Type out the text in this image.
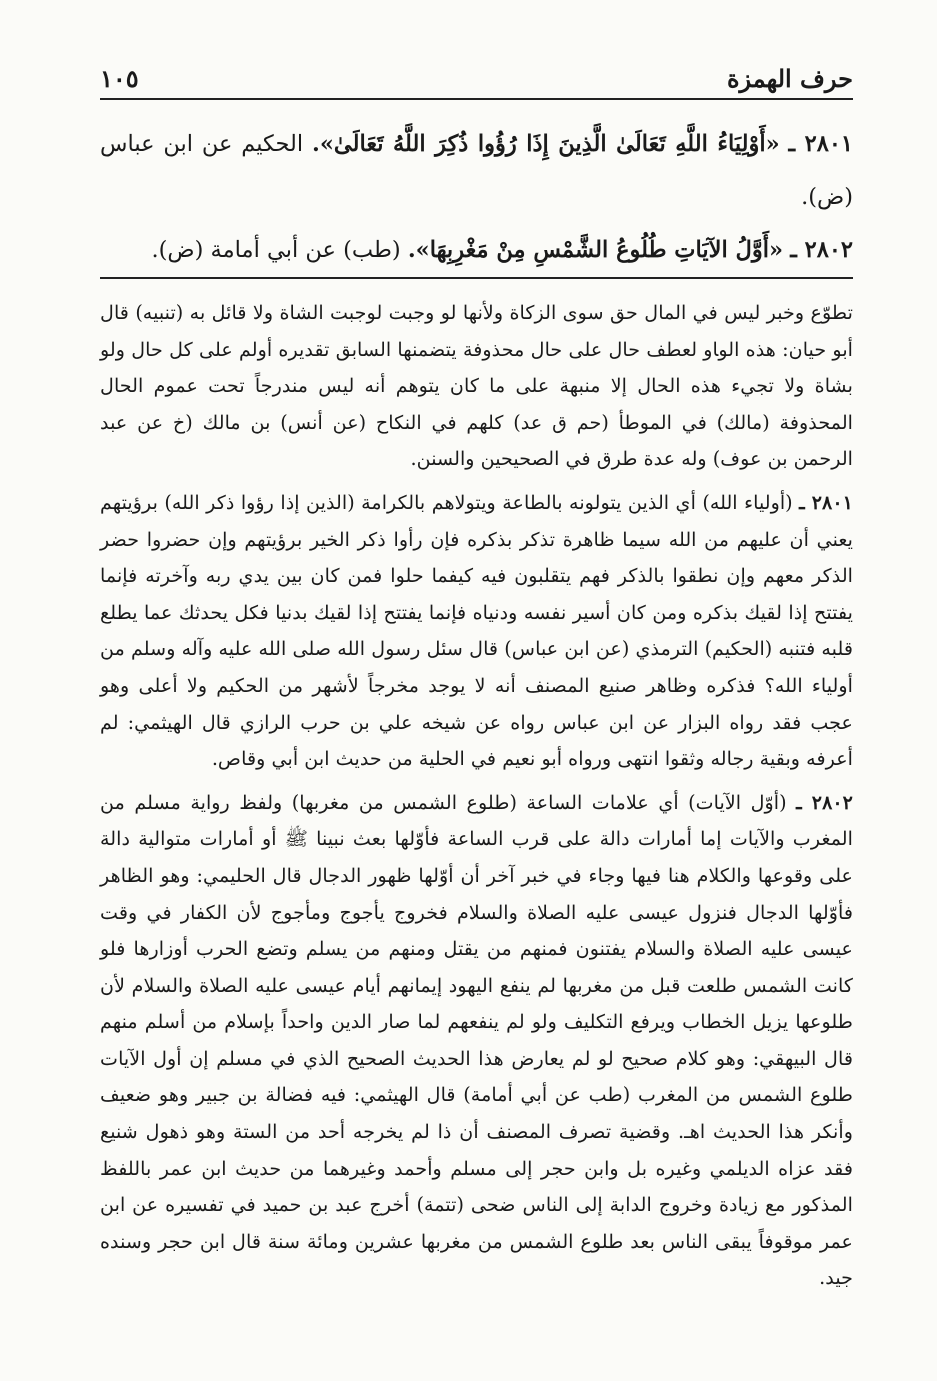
حرف الهمزة
١٠٥

٢٨٠١ ـ «أَوْلِيَاءُ اللَّهِ تَعَالَىٰ الَّذِينَ إِذَا رُؤُوا ذُكِرَ اللَّهُ تَعَالَىٰ». الحكيم عن ابن عباس (ض).

٢٨٠٢ ـ «أَوَّلُ الآيَاتِ طُلُوعُ الشَّمْسِ مِنْ مَغْرِبِهَا». (طب) عن أبي أمامة (ض).

تطوّع وخبر ليس في المال حق سوى الزكاة ولأنها لو وجبت لوجبت الشاة ولا قائل به (تنبيه) قال أبو حيان: هذه الو‍او لعطف حال على حال محذوفة يتضمنها السابق تقديره أولم على كل حال ولو بشاة ولا تجيء هذه الحال إلا منبهة على ما كان يتوهم أنه ليس مندرجاً تحت عموم الحال المحذوفة (مالك) في الموطأ (حم ق عد) كلهم في النكاح (عن أنس) بن مالك (خ عن عبد الرحمن بن عوف) وله عدة طرق في الصحيحين والسنن.

٢٨٠١ ـ (أولياء الله) أي الذين يتولونه بالطاعة ويتولاهم بالكرامة (الذين إذا رؤوا ذكر الله) برؤيتهم يعني أن عليهم من الله سيما ظاهرة تذكر بذكره فإن رأوا ذكر الخير برؤيتهم وإن حضروا حضر الذكر معهم وإن نطقوا بالذكر فهم يتقلبون فيه كيفما حلوا فمن كان بين يدي ربه وآخرته فإنما يفتتح إذا لقيك بذكره ومن كان أسير نفسه ودنياه فإنما يفتتح إذا لقيك بدنيا فكل يحدثك عما يطلع قلبه فتنبه (الحكيم) الترمذي (عن ابن عباس) قال سئل رسول الله صلى الله عليه وآله وسلم من أولياء الله؟ فذكره وظاهر صنيع المصنف أنه لا يوجد مخرجاً لأشهر من الحكيم ولا أعلى وهو عجب فقد رواه البزار عن ابن عباس رواه عن شيخه علي بن حرب الرازي قال الهيثمي: لم أعرفه وبقية رجاله وثقوا انتهى ورواه أبو نعيم في الحلية من حديث ابن أبي وقاص.

٢٨٠٢ ـ (أوّل الآيات) أي علامات الساعة (طلوع الشمس من مغربها) ولفظ رواية مسلم من المغرب والآيات إما أمارات دالة على قرب الساعة فأوّلها بعث نبينا ﷺ أو أمارات متوالية دالة على وقوعها والكلام هنا فيها وجاء في خبر آخر أن أوّلها ظهور الدجال قال الحليمي: وهو الظاهر فأوّلها الدجال فنزول عيسى عليه الصلاة والسلام فخروج يأجوج ومأجوج لأن الكفار في وقت عيسى عليه الصلاة والسلام يفتنون فمنهم من يقتل ومنهم من يسلم وتضع الحرب أوزارها فلو كانت الشمس طلعت قبل من مغربها لم ينفع اليهود إيمانهم أيام عيسى عليه الصلاة والسلام لأن طلوعها يزيل الخطاب ويرفع التكليف ولو لم ينفعهم لما صار الدين واحداً بإسلام من أسلم منهم قال البيهقي: وهو كلام صحيح لو لم يعارض هذا الحديث الصحيح الذي في مسلم إن أول الآيات طلوع الشمس من المغرب (طب عن أبي أمامة) قال الهيثمي: فيه فضالة بن جبير وهو ضعيف وأنكر هذا الحديث اهـ. وقضية تصرف المصنف أن ذا لم يخرجه أحد من الستة وهو ذهول شنيع فقد عزاه الديلمي وغيره بل وابن حجر إلى مسلم وأحمد وغيرهما من حديث ابن عمر باللفظ المذكور مع زيادة وخروج الدابة إلى الناس ضحى (تتمة) أخرج عبد بن حميد في تفسيره عن ابن عمر موقوفاً يبقى الناس بعد طلوع الشمس من مغربها عشرين ومائة سنة قال ابن حجر وسنده جيد.
